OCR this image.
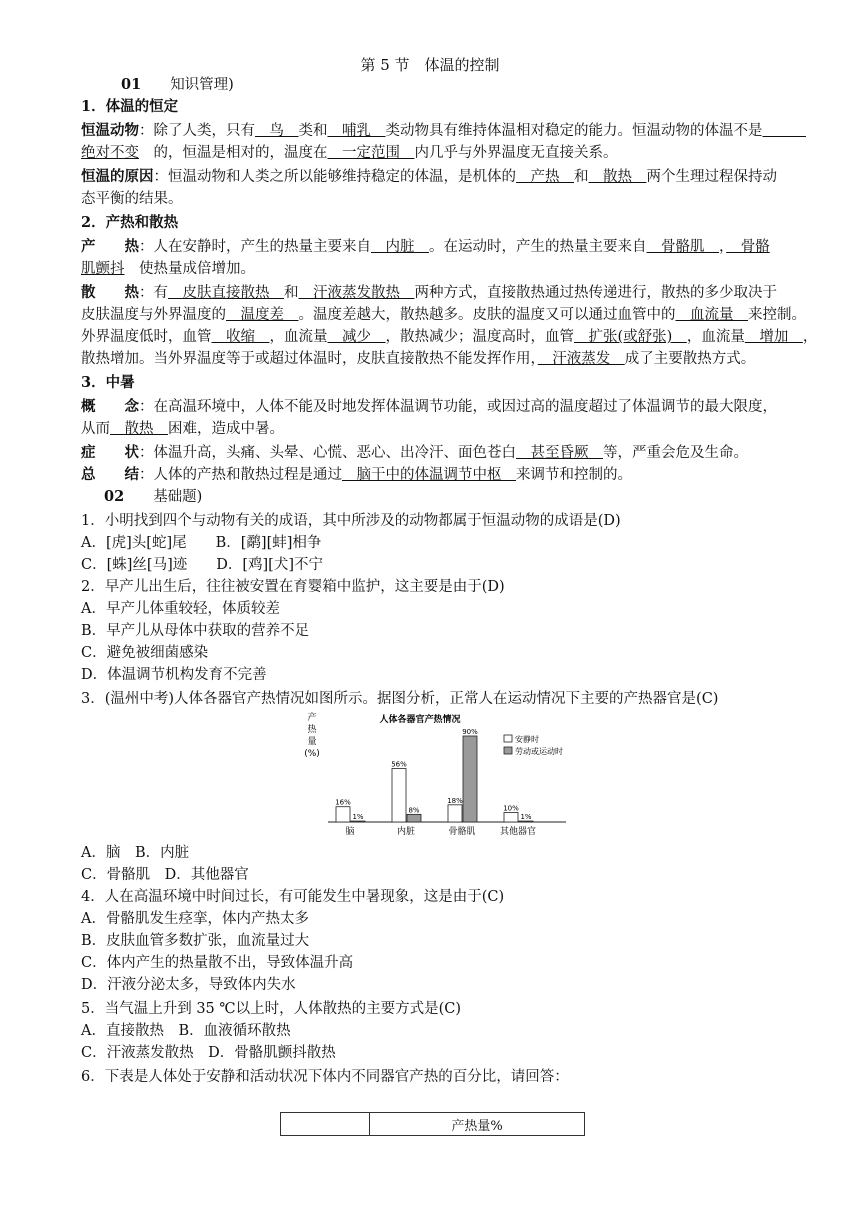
第 5 节　体温的控制
01　　 知识管理)
1．体温的恒定
恒温动物：除了人类，只有　鸟　类和　哺乳　类动物具有维持体温相对稳定的能力。恒温动物的体温不是　　　
绝对不变　的，恒温是相对的，温度在　一定范围　内几乎与外界温度无直接关系。
恒温的原因：恒温动物和人类之所以能够维持稳定的体温，是机体的　产热　和　散热　两个生理过程保持动
态平衡的结果。
2．产热和散热
产　　热：人在安静时，产生的热量主要来自　内脏　。在运动时，产生的热量主要来自　骨骼肌　，　骨骼
肌颤抖　使热量成倍增加。
散　　热：有　皮肤直接散热　和　汗液蒸发散热　两种方式，直接散热通过热传递进行，散热的多少取决于
皮肤温度与外界温度的　温度差　。温度差越大，散热越多。皮肤的温度又可以通过血管中的　血流量　来控制。
外界温度低时，血管　收缩　，血流量　减少　，散热减少；温度高时，血管　扩张(或舒张)　，血流量　增加　，
散热增加。当外界温度等于或超过体温时，皮肤直接散热不能发挥作用，　汗液蒸发　成了主要散热方式。
3．中暑
概　　念：在高温环境中，人体不能及时地发挥体温调节功能，或因过高的温度超过了体温调节的最大限度，
从而　散热　困难，造成中暑。
症　　状：体温升高，头痛、头晕、心慌、恶心、出冷汗、面色苍白　甚至昏厥　等，严重会危及生命。
总　　结：人体的产热和散热过程是通过　脑干中的体温调节中枢　来调节和控制的。
02　　 基础题)
1．小明找到四个与动物有关的成语，其中所涉及的动物都属于恒温动物的成语是(D)
A．[虎]头[蛇]尾　　B．[鹬][蚌]相争
C．[蛛]丝[马]迹　　D．[鸡][犬]不宁
2．早产儿出生后，往往被安置在育婴箱中监护，这主要是由于(D)
A．早产儿体重较轻，体质较差
B．早产儿从母体中获取的营养不足
C．避免被细菌感染
D．体温调节机构发育不完善
3．(温州中考)人体各器官产热情况如图所示。据图分析，正常人在运动情况下主要的产热器官是(C)
产
热
量
(%)
人体各器官产热情况
16%
1%
脑
56%
8%
内脏
18%
90%
骨骼肌
10%
1%
其他器官
安静时
劳动或运动时
A．脑　B．内脏
C．骨骼肌　D．其他器官
4．人在高温环境中时间过长，有可能发生中暑现象，这是由于(C)
A．骨骼肌发生痉挛，体内产热太多
B．皮肤血管多数扩张，血流量过大
C．体内产生的热量散不出，导致体温升高
D．汗液分泌太多，导致体内失水
5．当气温上升到 35 ℃以上时，人体散热的主要方式是(C)
A．直接散热　B．血液循环散热
C．汗液蒸发散热　D．骨骼肌颤抖散热
6．下表是人体处于安静和活动状况下体内不同器官产热的百分比，请回答：
	产热量%
